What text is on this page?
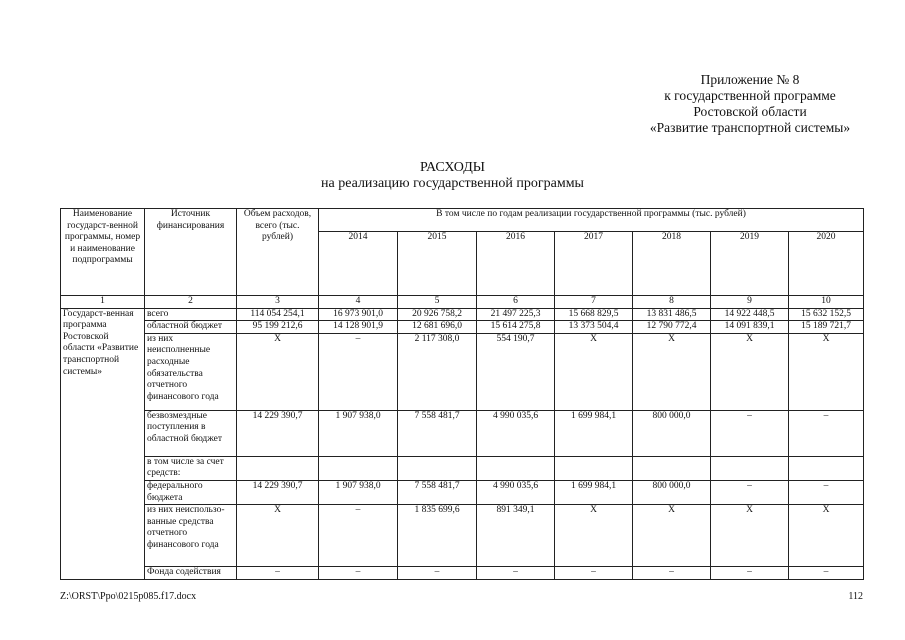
Приложение № 8
к государственной программе
Ростовской области
«Развитие транспортной системы»
РАСХОДЫ
на реализацию государственной программы
Наименование государст-венной программы, номер и наименование подпрограммы	Источник финансирования	Объем расходов, всего (тыс. рублей)	В том числе по годам реализации государственной программы (тыс. рублей)						
			2014	2015	2016	2017	2018	2019	2020
1	2	3	4	5	6	7	8	9	10
Государст-венная программа Ростовской области «Развитие транспортной системы»	всего	114 054 254,1	16 973 901,0	20 926 758,2	21 497 225,3	15 668 829,5	13 831 486,5	14 922 448,5	15 632 152,5
	областной бюджет	95 199 212,6	14 128 901,9	12 681 696,0	15 614 275,8	13 373 504,4	12 790 772,4	14 091 839,1	15 189 721,7
	из них неисполненные расходные обязательства отчетного финансового года	Х	–	2 117 308,0	554 190,7	Х	Х	Х	Х
	безвозмездные поступления в областной бюджет	14 229 390,7	1 907 938,0	7 558 481,7	4 990 035,6	1 699 984,1	800 000,0	–	–
	в том числе за счет средств:								
	федерального бюджета	14 229 390,7	1 907 938,0	7 558 481,7	4 990 035,6	1 699 984,1	800 000,0	–	–
	из них неиспользо-ванные средства отчетного финансового года	Х	–	1 835 699,6	891 349,1	Х	Х	Х	Х
	Фонда содействия	–	–	–	–	–	–	–	–
Z:\ORST\Ppo\0215p085.f17.docx	112
